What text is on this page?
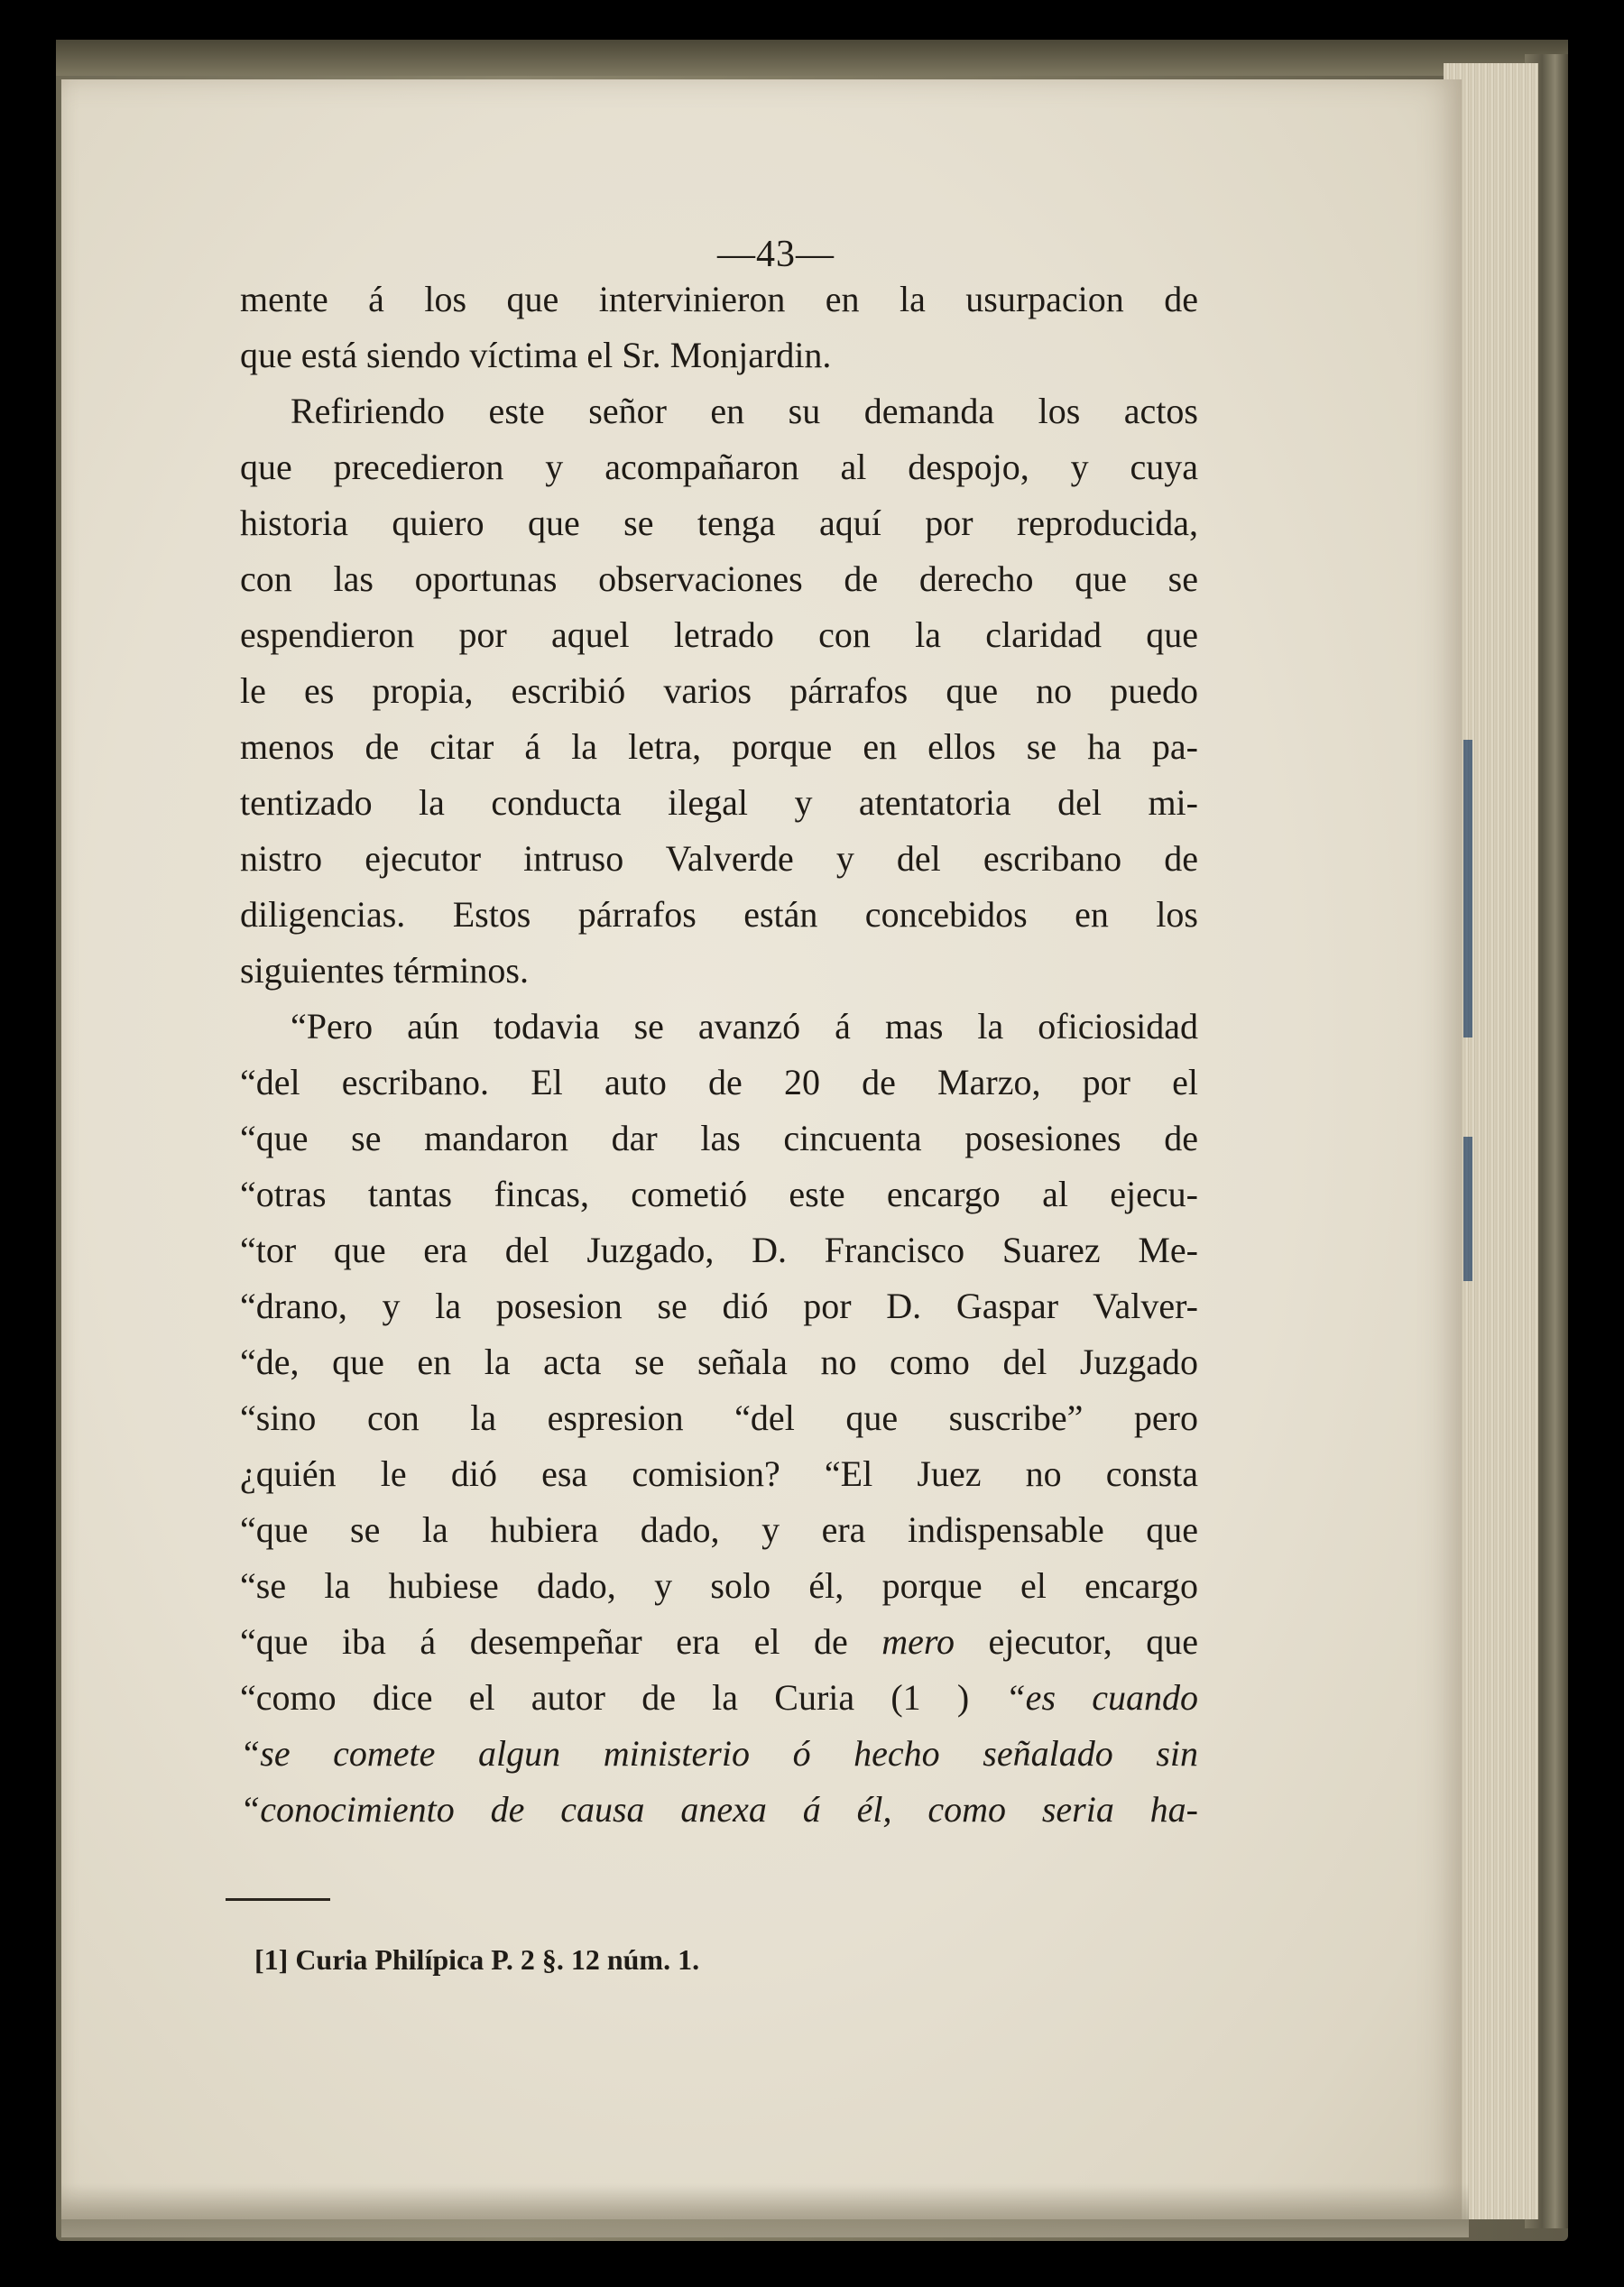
—43—
mente á los que intervinieron en la usurpacion de
que está siendo víctima el Sr. Monjardin.
Refiriendo este señor en su demanda los actos
que precedieron y acompañaron al despojo, y cuya
historia quiero que se tenga aquí por reproducida,
con las oportunas observaciones de derecho que se
espendieron por aquel letrado con la claridad que
le es propia, escribió varios párrafos que no puedo
menos de citar á la letra, porque en ellos se ha pa-
tentizado la conducta ilegal y atentatoria del mi-
nistro ejecutor intruso Valverde y del escribano de
diligencias. Estos párrafos están concebidos en los
siguientes términos.
“Pero aún todavia se avanzó á mas la oficiosidad
“del escribano. El auto de 20 de Marzo, por el
“que se mandaron dar las cincuenta posesiones de
“otras tantas fincas, cometió este encargo al ejecu-
“tor que era del Juzgado, D. Francisco Suarez Me-
“drano, y la posesion se dió por D. Gaspar Valver-
“de, que en la acta se señala no como del Juzgado
“sino con la espresion “del que suscribe” pero
¿quién le dió esa comision? “El Juez no consta
“que se la hubiera dado, y era indispensable que
“se la hubiese dado, y solo él, porque el encargo
“que iba á desempeñar era el de mero ejecutor, que
“como dice el autor de la Curia (1 ) “es cuando
“se comete algun ministerio ó hecho señalado sin
“conocimiento de causa anexa á él, como seria ha-
[1] Curia Philípica P. 2 §. 12 núm. 1.
